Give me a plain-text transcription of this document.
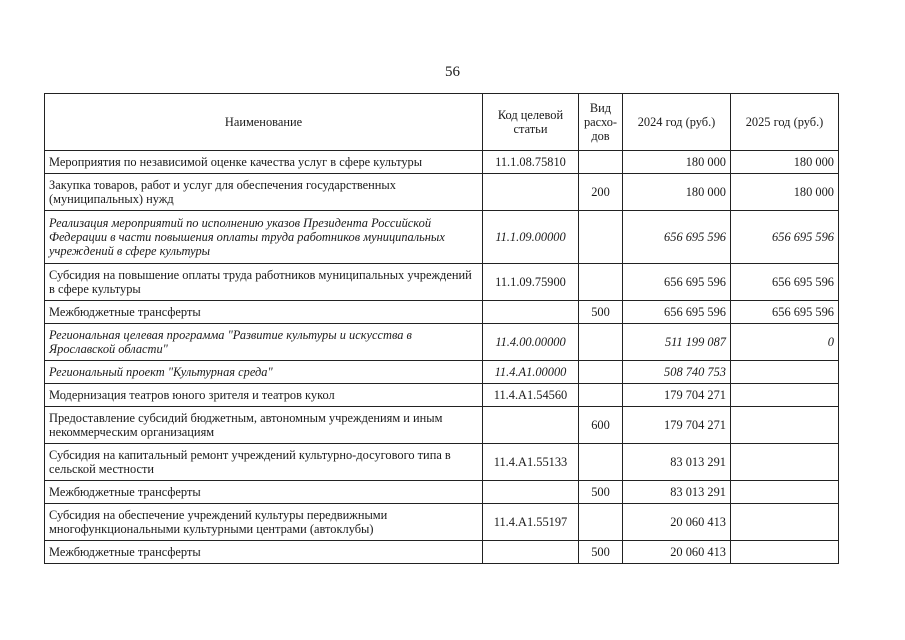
56
Наименование	Код целевой статьи	Вид расхо-дов	2024 год (руб.)	2025 год (руб.)
Мероприятия по независимой оценке качества услуг в сфере культуры	11.1.08.75810		180 000	180 000
Закупка товаров, работ и услуг для обеспечения государственных (муниципальных) нужд		200	180 000	180 000
Реализация мероприятий по исполнению указов Президента Российской Федерации в части повышения оплаты труда работников муниципальных учреждений в сфере культуры	11.1.09.00000		656 695 596	656 695 596
Субсидия на повышение оплаты труда работников муниципальных учреждений в сфере культуры	11.1.09.75900		656 695 596	656 695 596
Межбюджетные трансферты		500	656 695 596	656 695 596
Региональная целевая программа "Развитие культуры и искусства в Ярославской области"	11.4.00.00000		511 199 087	0
Региональный проект "Культурная среда"	11.4.A1.00000		508 740 753	
Модернизация театров юного зрителя и театров кукол	11.4.A1.54560		179 704 271	
Предоставление субсидий бюджетным, автономным учреждениям и иным некоммерческим организациям		600	179 704 271	
Субсидия на капитальный ремонт учреждений культурно-досугового типа в сельской местности	11.4.A1.55133		83 013 291	
Межбюджетные трансферты		500	83 013 291	
Субсидия на обеспечение учреждений культуры передвижными многофункциональными культурными центрами (автоклубы)	11.4.A1.55197		20 060 413	
Межбюджетные трансферты		500	20 060 413	
